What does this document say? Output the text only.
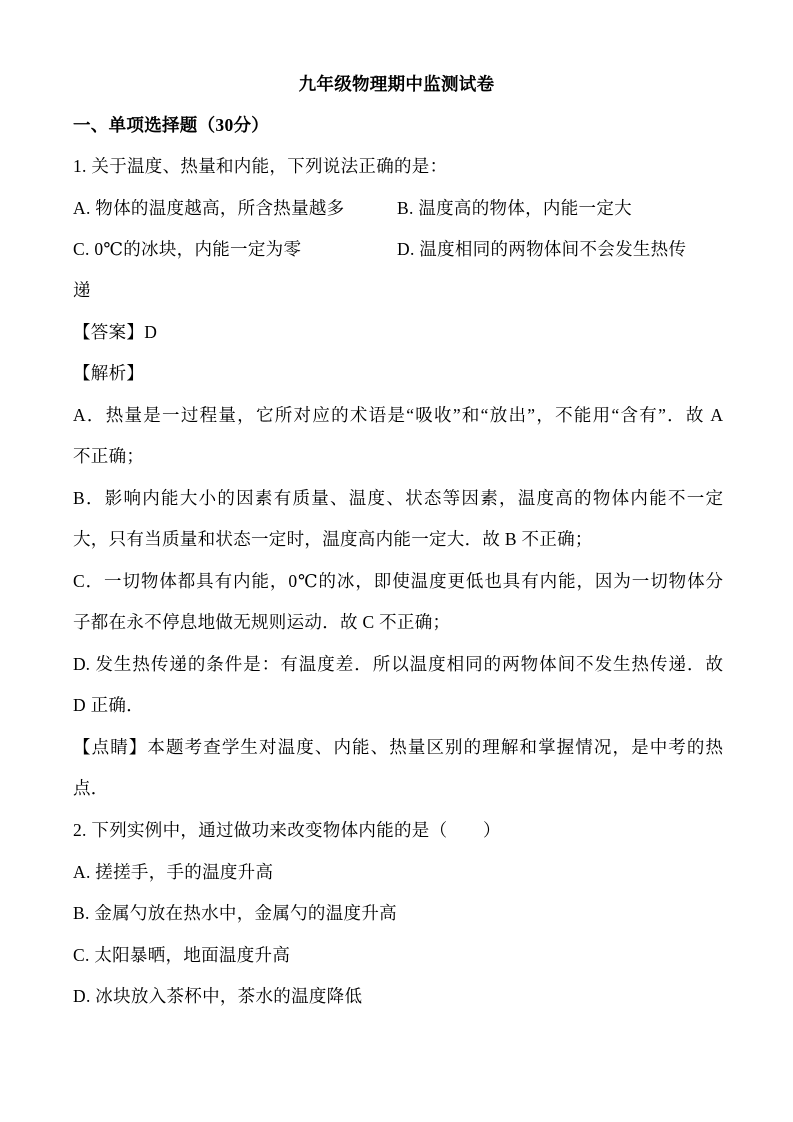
九年级物理期中监测试卷
一、单项选择题（30分）
1. 关于温度、热量和内能，下列说法正确的是：
A. 物体的温度越高，所含热量越多	B. 温度高的物体，内能一定大
C. 0℃的冰块，内能一定为零	D. 温度相同的两物体间不会发生热传
递
【答案】D
【解析】
A．热量是一过程量，它所对应的术语是“吸收”和“放出”，不能用“含有”．故 A
不正确；
B．影响内能大小的因素有质量、温度、状态等因素，温度高的物体内能不一定
大，只有当质量和状态一定时，温度高内能一定大．故 B 不正确；
C．一切物体都具有内能，0℃的冰，即使温度更低也具有内能，因为一切物体分
子都在永不停息地做无规则运动．故 C 不正确；
D. 发生热传递的条件是：有温度差．所以温度相同的两物体间不发生热传递．故
D 正确．
【点睛】本题考查学生对温度、内能、热量区别的理解和掌握情况，是中考的热
点．
2. 下列实例中，通过做功来改变物体内能的是（　　）
A. 搓搓手，手的温度升高
B. 金属勺放在热水中，金属勺的温度升高
C. 太阳暴晒，地面温度升高
D. 冰块放入茶杯中，茶水的温度降低
